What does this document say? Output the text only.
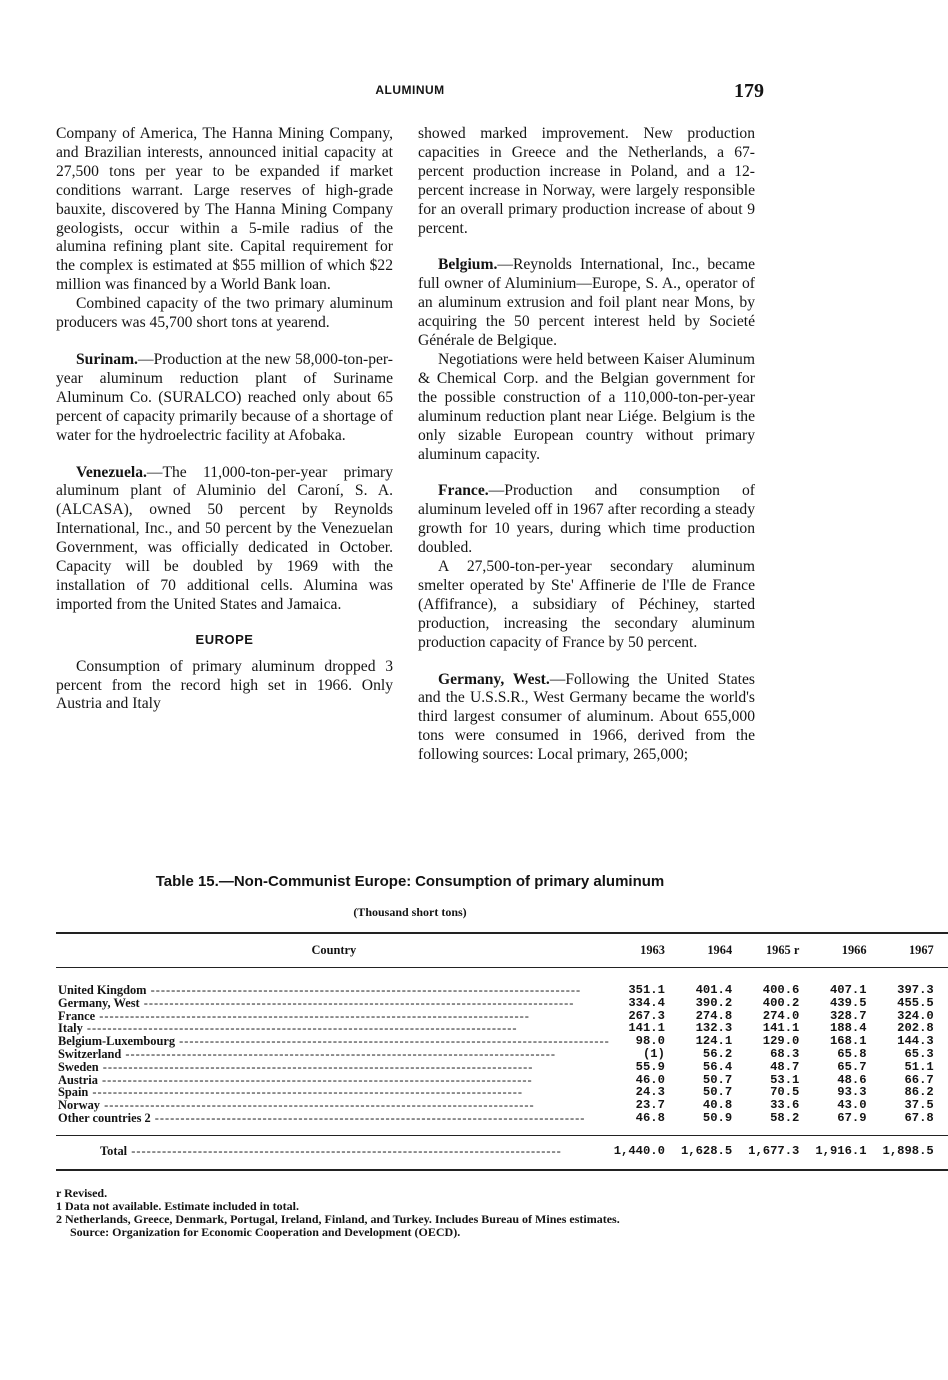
ALUMINUM	179

Company of America, The Hanna Mining Company, and Brazilian interests, announced initial capacity at 27,500 tons per year to be expanded if market conditions warrant. Large reserves of high-grade bauxite, discovered by The Hanna Mining Company geologists, occur within a 5-mile radius of the alumina refining plant site. Capital requirement for the complex is estimated at $55 million of which $22 million was financed by a World Bank loan.

Combined capacity of the two primary aluminum producers was 45,700 short tons at yearend.

Surinam.—Production at the new 58,000-ton-per-year aluminum reduction plant of Suriname Aluminum Co. (SURALCO) reached only about 65 percent of capacity primarily because of a shortage of water for the hydroelectric facility at Afobaka.

Venezuela.—The 11,000-ton-per-year primary aluminum plant of Aluminio del Caroní, S. A. (ALCASA), owned 50 percent by Reynolds International, Inc., and 50 percent by the Venezuelan Government, was officially dedicated in October. Capacity will be doubled by 1969 with the installation of 70 additional cells. Alumina was imported from the United States and Jamaica.

EUROPE

Consumption of primary aluminum dropped 3 percent from the record high set in 1966. Only Austria and Italy

showed marked improvement. New production capacities in Greece and the Netherlands, a 67-percent production increase in Poland, and a 12-percent increase in Norway, were largely responsible for an overall primary production increase of about 9 percent.

Belgium.—Reynolds International, Inc., became full owner of Aluminium—Europe, S. A., operator of an aluminum extrusion and foil plant near Mons, by acquiring the 50 percent interest held by Societé Générale de Belgique.

Negotiations were held between Kaiser Aluminum & Chemical Corp. and the Belgian government for the possible construction of a 110,000-ton-per-year aluminum reduction plant near Liége. Belgium is the only sizable European country without primary aluminum capacity.

France.—Production and consumption of aluminum leveled off in 1967 after recording a steady growth for 10 years, during which time production doubled.

A 27,500-ton-per-year secondary aluminum smelter operated by Ste' Affinerie de l'Ile de France (Affifrance), a subsidiary of Péchiney, started production, increasing the secondary aluminum production capacity of France by 50 percent.

Germany, West.—Following the United States and the U.S.S.R., West Germany became the world's third largest consumer of aluminum. About 655,000 tons were consumed in 1966, derived from the following sources: Local primary, 265,000;

Table 15.—Non-Communist Europe: Consumption of primary aluminum
(Thousand short tons)
Country	1963	1964	1965 r	1966	1967

United Kingdom -----	351.1	401.4	400.6	407.1	397.3

Germany, West -----	334.4	390.2	400.2	439.5	455.5

France -----	267.3	274.8	274.0	328.7	324.0

Italy -----	141.1	132.3	141.1	188.4	202.8

Belgium-Luxembourg -----	98.0	124.1	129.0	168.1	144.3

Switzerland -----	(1)	56.2	68.3	65.8	65.3

Sweden -----	55.9	56.4	48.7	65.7	51.1

Austria -----	46.0	50.7	53.1	48.6	66.7

Spain -----	24.3	50.7	70.5	93.3	86.2

Norway -----	23.7	40.8	33.6	43.0	37.5

Other countries 2 -----	46.8	50.9	58.2	67.9	67.8

Total -----	1,440.0	1,628.5	1,677.3	1,916.1	1,898.5
r Revised.
1 Data not available. Estimate included in total.
2 Netherlands, Greece, Denmark, Portugal, Ireland, Finland, and Turkey. Includes Bureau of Mines estimates.
Source: Organization for Economic Cooperation and Development (OECD).
